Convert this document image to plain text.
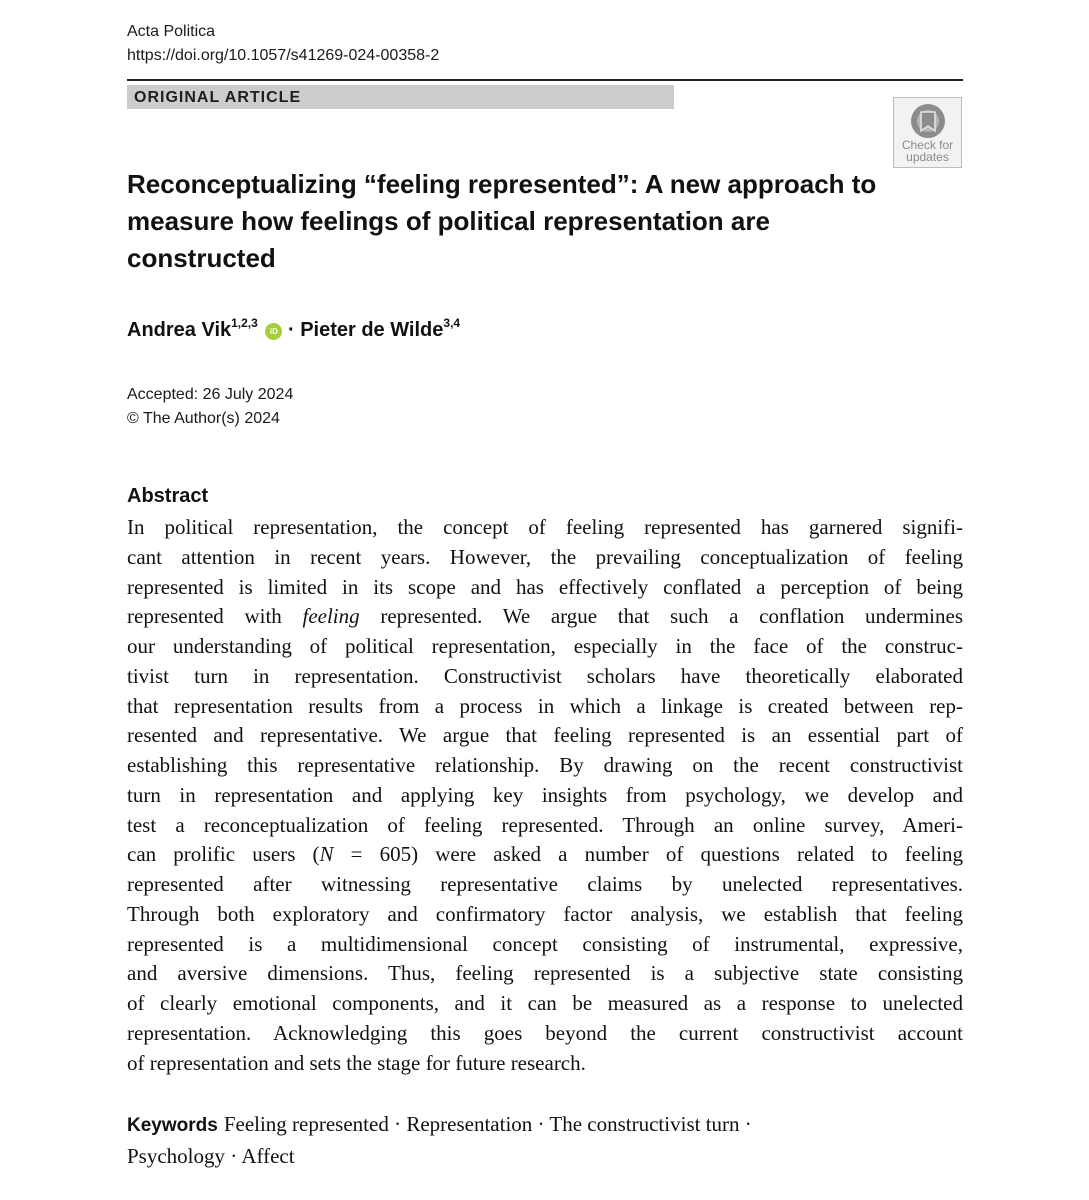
Acta Politica
https://doi.org/10.1057/s41269-024-00358-2
ORIGINAL ARTICLE
Check for
updates
Reconceptualizing “feeling represented”: A new approach to measure how feelings of political representation are constructed
Andrea Vik$^{1,2,3}$ iD · Pieter de Wilde$^{3,4}$
Accepted: 26 July 2024
© The Author(s) 2024
Abstract
In political representation, the concept of feeling represented has garnered signifi-
cant attention in recent years. However, the prevailing conceptualization of feeling
represented is limited in its scope and has effectively conflated a perception of being
represented with feeling represented. We argue that such a conflation undermines
our understanding of political representation, especially in the face of the construc-
tivist turn in representation. Constructivist scholars have theoretically elaborated
that representation results from a process in which a linkage is created between rep-
resented and representative. We argue that feeling represented is an essential part of
establishing this representative relationship. By drawing on the recent constructivist
turn in representation and applying key insights from psychology, we develop and
test a reconceptualization of feeling represented. Through an online survey, Ameri-
can prolific users (N = 605) were asked a number of questions related to feeling
represented after witnessing representative claims by unelected representatives.
Through both exploratory and confirmatory factor analysis, we establish that feeling
represented is a multidimensional concept consisting of instrumental, expressive,
and aversive dimensions. Thus, feeling represented is a subjective state consisting
of clearly emotional components, and it can be measured as a response to unelected
representation. Acknowledging this goes beyond the current constructivist account
of representation and sets the stage for future research.
Keywords Feeling represented · Representation · The constructivist turn ·
Psychology · Affect
